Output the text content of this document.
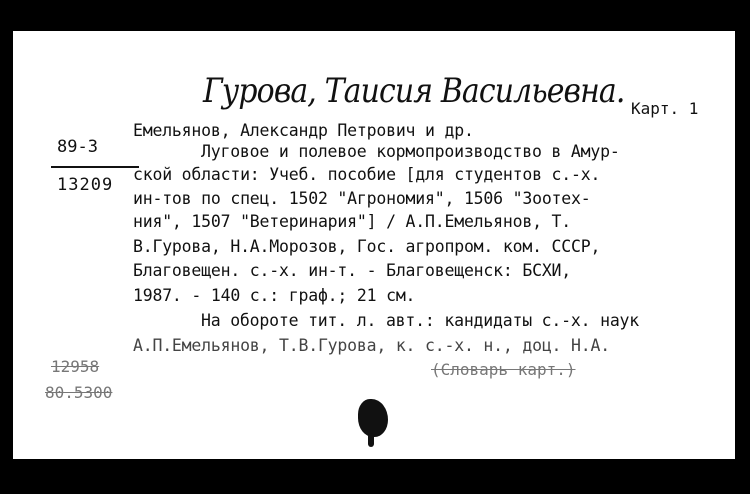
Гурова, Таисия Васильевна. Карт. 1
89-3
13209
Емельянов, Александр Петрович и др.
Луговое и полевое кормопроизводство в Амур-
ской области: Учеб. пособие [для студентов с.-х.
ин-тов по спец. 1502 "Агрономия", 1506 "Зоотех-
ния", 1507 "Ветеринария"] / А.П.Емельянов, Т.
В.Гурова, Н.А.Морозов, Гос. агропром. ком. СССР,
Благовещен. с.-х. ин-т. - Благовещенск: БСХИ,
1987. - 140 с.: граф.; 21 см.
На обороте тит. л. авт.: кандидаты с.-х. наук
А.П.Емельянов, Т.В.Гурова, к. с.-х. н., доц. Н.А.
(Словарь карт.)
12958
80.5300
